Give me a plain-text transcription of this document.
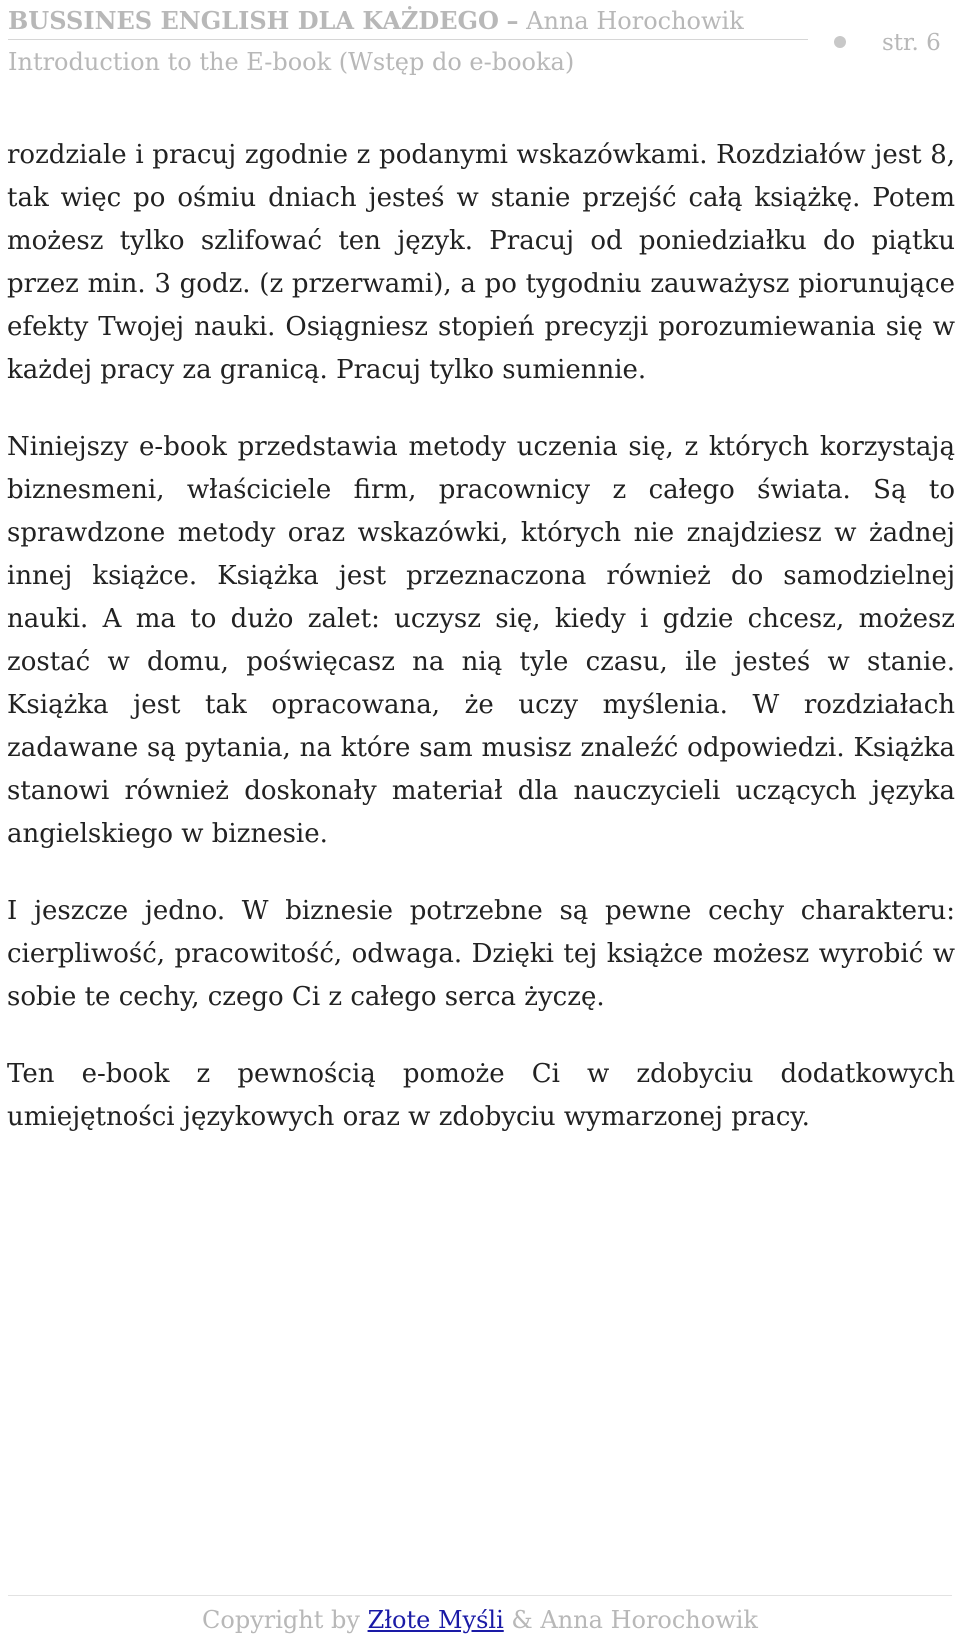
BUSSINES ENGLISH DLA KAŻDEGO – Anna Horochowik
Introduction to the E-book (Wstęp do e-booka)
str. 6

rozdziale i pracuj zgodnie z podanymi wskazówkami. Rozdziałów jest 8, tak więc po ośmiu dniach jesteś w stanie przejść całą książkę. Potem możesz tylko szlifować ten język. Pracuj od poniedziałku do piątku przez min. 3 godz. (z przerwami), a po tygodniu zauważysz piorunujące efekty Twojej nauki. Osiągniesz stopień precyzji porozumiewania się w każdej pracy za granicą. Pracuj tylko sumiennie.

Niniejszy e-book przedstawia metody uczenia się, z których korzystają biznesmeni, właściciele firm, pracownicy z całego świata. Są to sprawdzone metody oraz wskazówki, których nie znajdziesz w żadnej innej książce. Książka jest przeznaczona również do samodzielnej nauki. A ma to dużo zalet: uczysz się, kiedy i gdzie chcesz, możesz zostać w domu, poświęcasz na nią tyle czasu, ile jesteś w stanie. Książka jest tak opracowana, że uczy myślenia. W rozdziałach zadawane są pytania, na które sam musisz znaleźć odpowiedzi. Książka stanowi również doskonały materiał dla nauczycieli uczących języka angielskiego w biznesie.

I jeszcze jedno. W biznesie potrzebne są pewne cechy charakteru: cierpliwość, pracowitość, odwaga. Dzięki tej książce możesz wyrobić w sobie te cechy, czego Ci z całego serca życzę.

Ten e-book z pewnością pomoże Ci w zdobyciu dodatkowych umiejętności językowych oraz w zdobyciu wymarzonej pracy.

Copyright by Złote Myśli & Anna Horochowik
